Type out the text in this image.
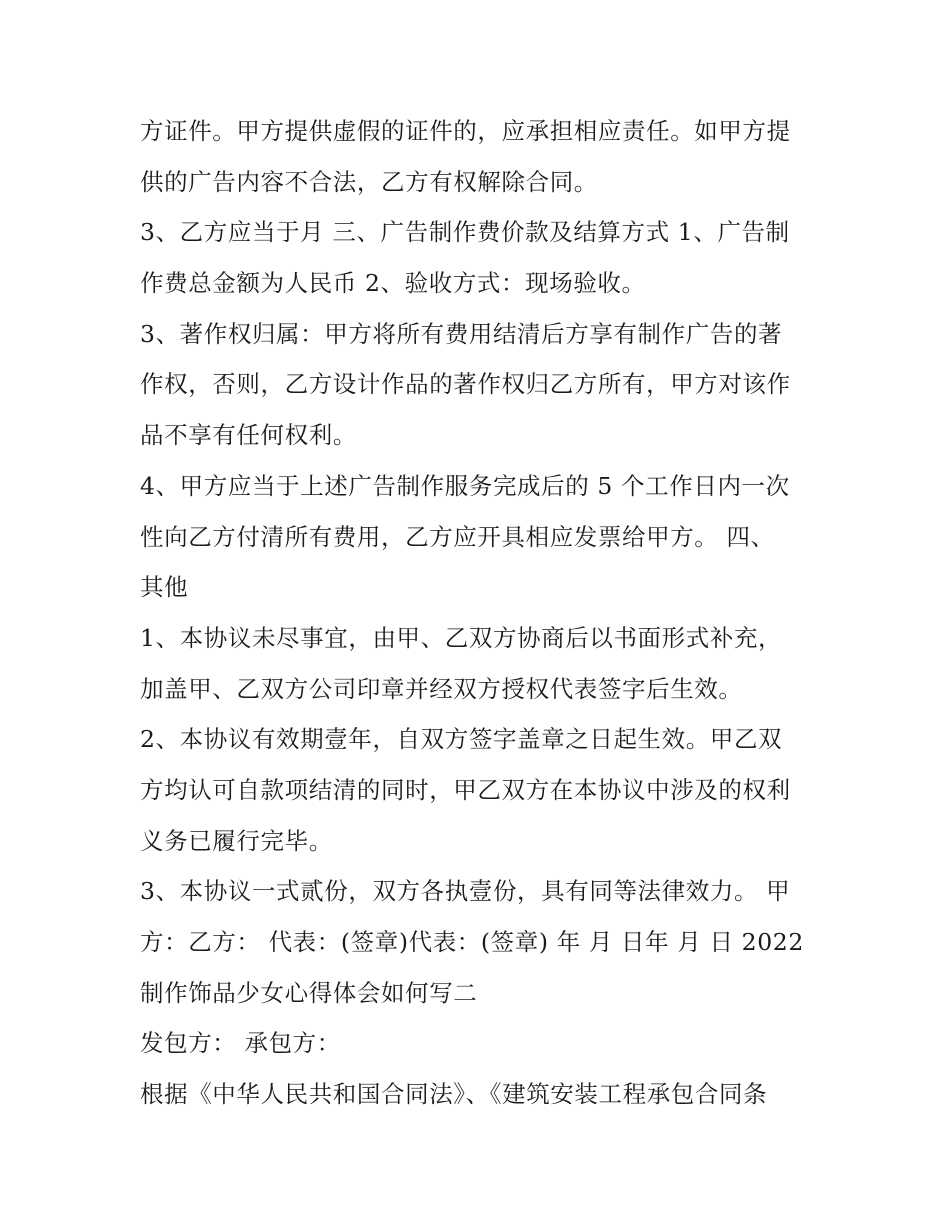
方证件。甲方提供虚假的证件的，应承担相应责任。如甲方提
供的广告内容不合法，乙方有权解除合同。
3、乙方应当于月 三、广告制作费价款及结算方式 1、广告制
作费总金额为人民币 2、验收方式：现场验收。
3、著作权归属：甲方将所有费用结清后方享有制作广告的著
作权，否则，乙方设计作品的著作权归乙方所有，甲方对该作
品不享有任何权利。
4、甲方应当于上述广告制作服务完成后的 5 个工作日内一次
性向乙方付清所有费用，乙方应开具相应发票给甲方。 四、
其他
1、本协议未尽事宜，由甲、乙双方协商后以书面形式补充，
加盖甲、乙双方公司印章并经双方授权代表签字后生效。
2、本协议有效期壹年，自双方签字盖章之日起生效。甲乙双
方均认可自款项结清的同时，甲乙双方在本协议中涉及的权利
义务已履行完毕。
3、本协议一式贰份，双方各执壹份，具有同等法律效力。 甲
方：乙方： 代表：(签章)代表：(签章) 年 月 日年 月 日 2022
制作饰品少女心得体会如何写二
发包方： 承包方：
根据《中华人民共和国合同法》、《建筑安装工程承包合同条
